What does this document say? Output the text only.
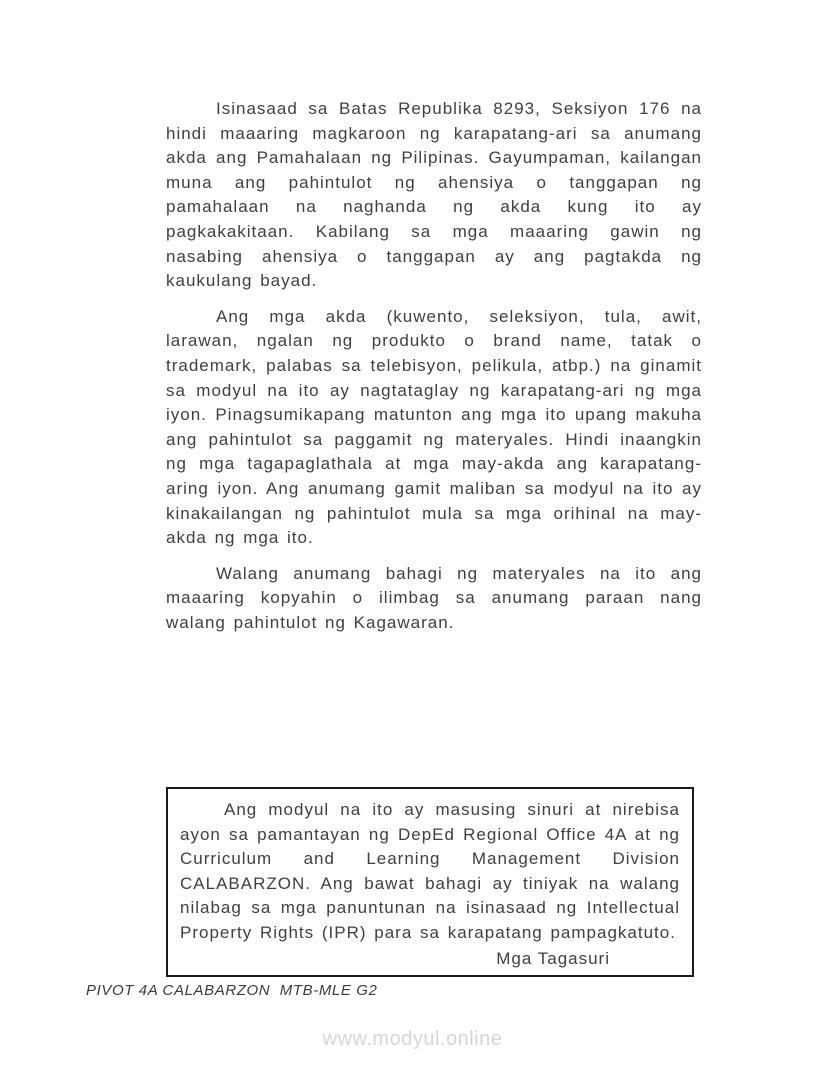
Isinasaad sa Batas Republika 8293, Seksiyon 176 na hindi maaaring magkaroon ng karapatang-ari sa anumang akda ang Pamahalaan ng Pilipinas. Gayumpaman, kailangan muna ang pahintulot ng ahensiya o tanggapan ng pamahalaan na naghanda ng akda kung ito ay pagkakakitaan. Kabilang sa mga maaaring gawin ng nasabing ahensiya o tanggapan ay ang pagtakda ng kaukulang bayad.

Ang mga akda (kuwento, seleksiyon, tula, awit, larawan, ngalan ng produkto o brand name, tatak o trademark, palabas sa telebisyon, pelikula, atbp.) na ginamit sa modyul na ito ay nagtataglay ng karapatang-ari ng mga iyon. Pinagsumikapang matunton ang mga ito upang makuha ang pahintulot sa paggamit ng materyales. Hindi inaangkin ng mga tagapaglathala at mga may-akda ang karapatang-aring iyon. Ang anumang gamit maliban sa modyul na ito ay kinakailangan ng pahintulot mula sa mga orihinal na may-akda ng mga ito.

Walang anumang bahagi ng materyales na ito ang maaaring kopyahin o ilimbag sa anumang paraan nang walang pahintulot ng Kagawaran.

Ang modyul na ito ay masusing sinuri at nirebisa ayon sa pamantayan ng DepEd Regional Office 4A at ng Curriculum and Learning Management Division CALABARZON. Ang bawat bahagi ay tiniyak na walang nilabag sa mga panuntunan na isinasaad ng Intellectual Property Rights (IPR) para sa karapatang pampagkatuto.

Mga Tagasuri
PIVOT 4A CALABARZON  MTB-MLE G2
www.modyul.online
